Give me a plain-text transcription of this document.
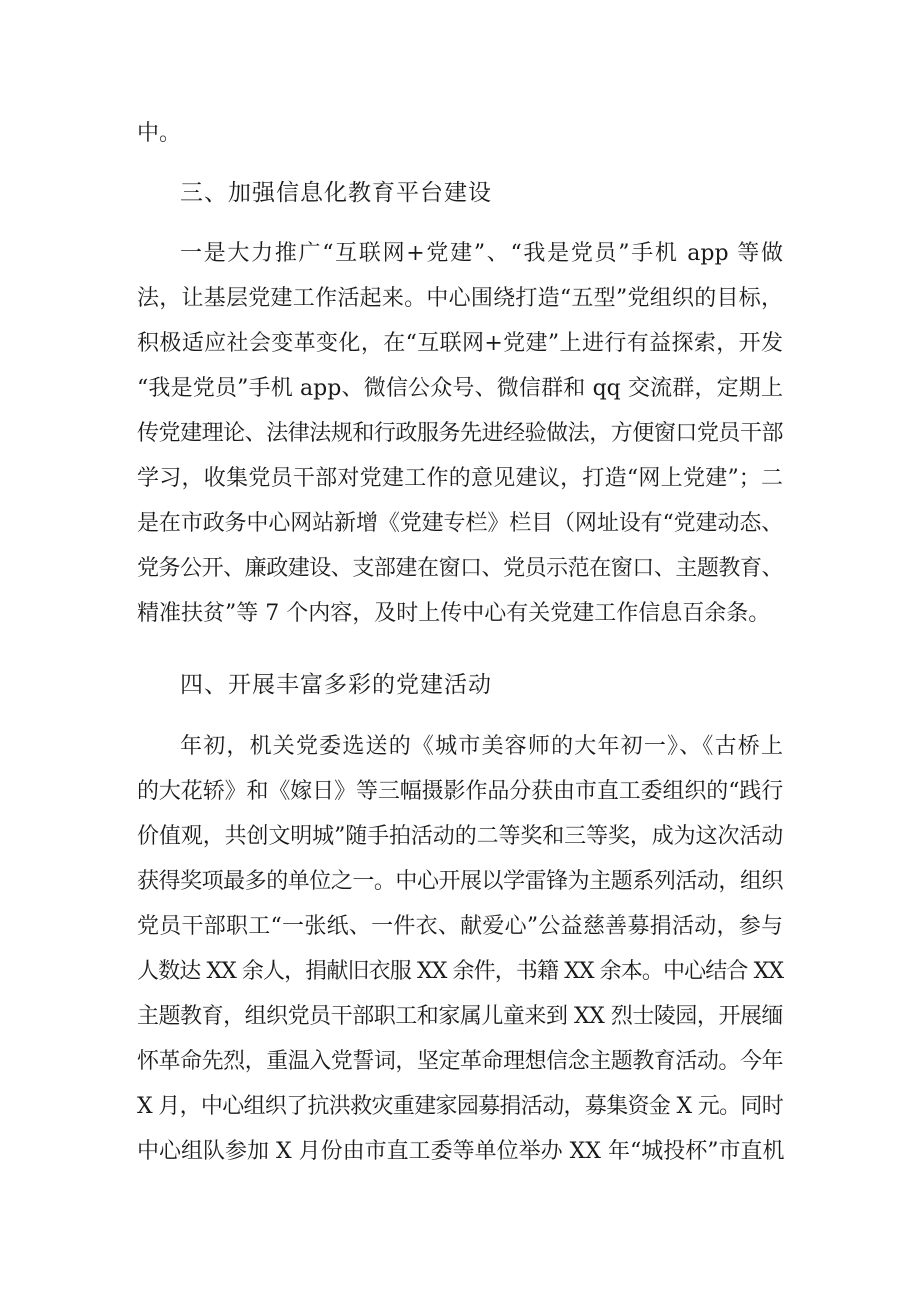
中。
三、加强信息化教育平台建设
一是大力推广“互联网+党建”、“我是党员”手机 app 等做
法，让基层党建工作活起来。中心围绕打造“五型”党组织的目标，
积极适应社会变革变化，在“互联网+党建”上进行有益探索，开发
“我是党员”手机 app、微信公众号、微信群和 qq 交流群，定期上
传党建理论、法律法规和行政服务先进经验做法，方便窗口党员干部
学习，收集党员干部对党建工作的意见建议，打造“网上党建”；二
是在市政务中心网站新增《党建专栏》栏目（网址设有“党建动态、
党务公开、廉政建设、支部建在窗口、党员示范在窗口、主题教育、
精准扶贫”等 7 个内容，及时上传中心有关党建工作信息百余条。
四、开展丰富多彩的党建活动
年初，机关党委选送的《城市美容师的大年初一》、《古桥上
的大花轿》和《嫁日》等三幅摄影作品分获由市直工委组织的“践行
价值观，共创文明城”随手拍活动的二等奖和三等奖，成为这次活动
获得奖项最多的单位之一。中心开展以学雷锋为主题系列活动，组织
党员干部职工“一张纸、一件衣、献爱心”公益慈善募捐活动，参与
人数达 XX 余人，捐献旧衣服 XX 余件，书籍 XX 余本。中心结合 XX
主题教育，组织党员干部职工和家属儿童来到 XX 烈士陵园，开展缅
怀革命先烈，重温入党誓词，坚定革命理想信念主题教育活动。今年
X 月，中心组织了抗洪救灾重建家园募捐活动，募集资金 X 元。同时
中心组队参加 X 月份由市直工委等单位举办 XX 年“城投杯”市直机
